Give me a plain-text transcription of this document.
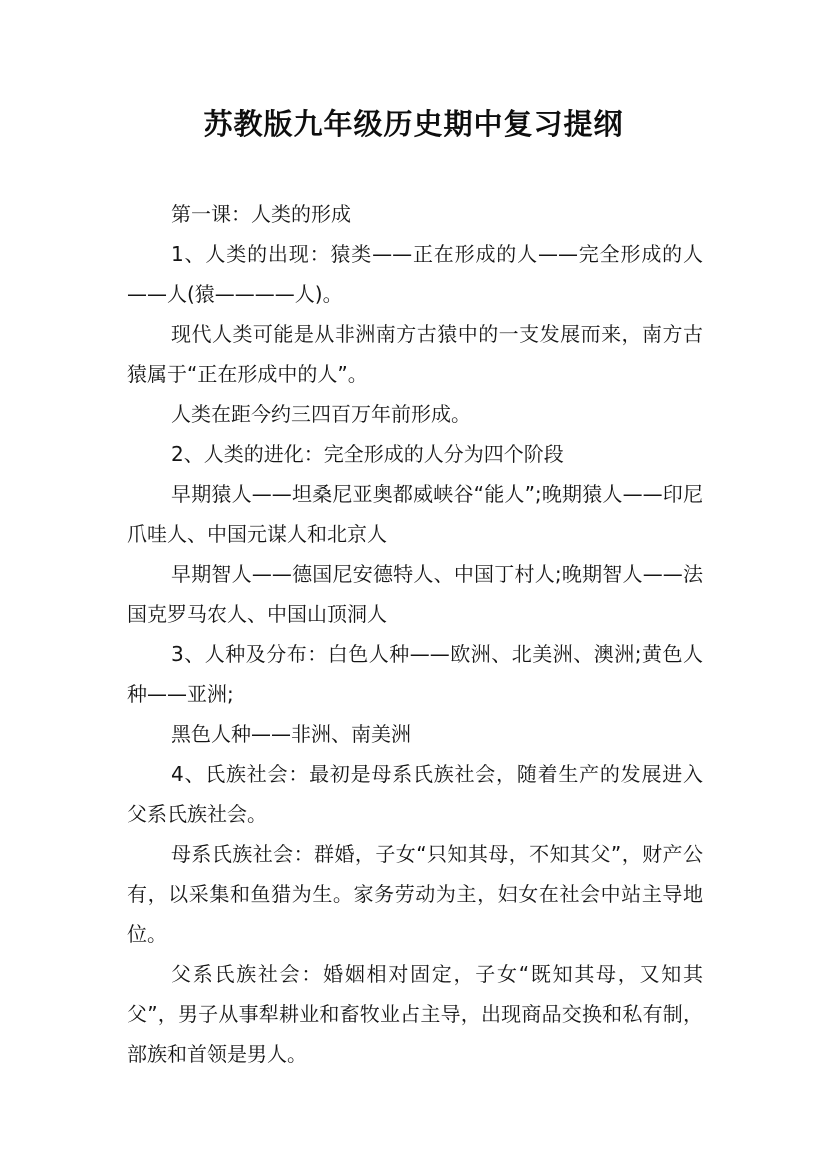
苏教版九年级历史期中复习提纲

第一课：人类的形成

1、人类的出现：猿类——正在形成的人——完全形成的人——人(猿————人)。

现代人类可能是从非洲南方古猿中的一支发展而来，南方古猿属于“正在形成中的人”。

人类在距今约三四百万年前形成。

2、人类的进化：完全形成的人分为四个阶段

早期猿人——坦桑尼亚奥都威峡谷“能人”;晚期猿人——印尼爪哇人、中国元谋人和北京人

早期智人——德国尼安德特人、中国丁村人;晚期智人——法国克罗马农人、中国山顶洞人

3、人种及分布：白色人种——欧洲、北美洲、澳洲;黄色人种——亚洲;

黑色人种——非洲、南美洲

4、氏族社会：最初是母系氏族社会，随着生产的发展进入父系氏族社会。

母系氏族社会：群婚，子女“只知其母，不知其父”，财产公有，以采集和鱼猎为生。家务劳动为主，妇女在社会中站主导地位。

父系氏族社会：婚姻相对固定，子女“既知其母，又知其父”，男子从事犁耕业和畜牧业占主导，出现商品交换和私有制，部族和首领是男人。
